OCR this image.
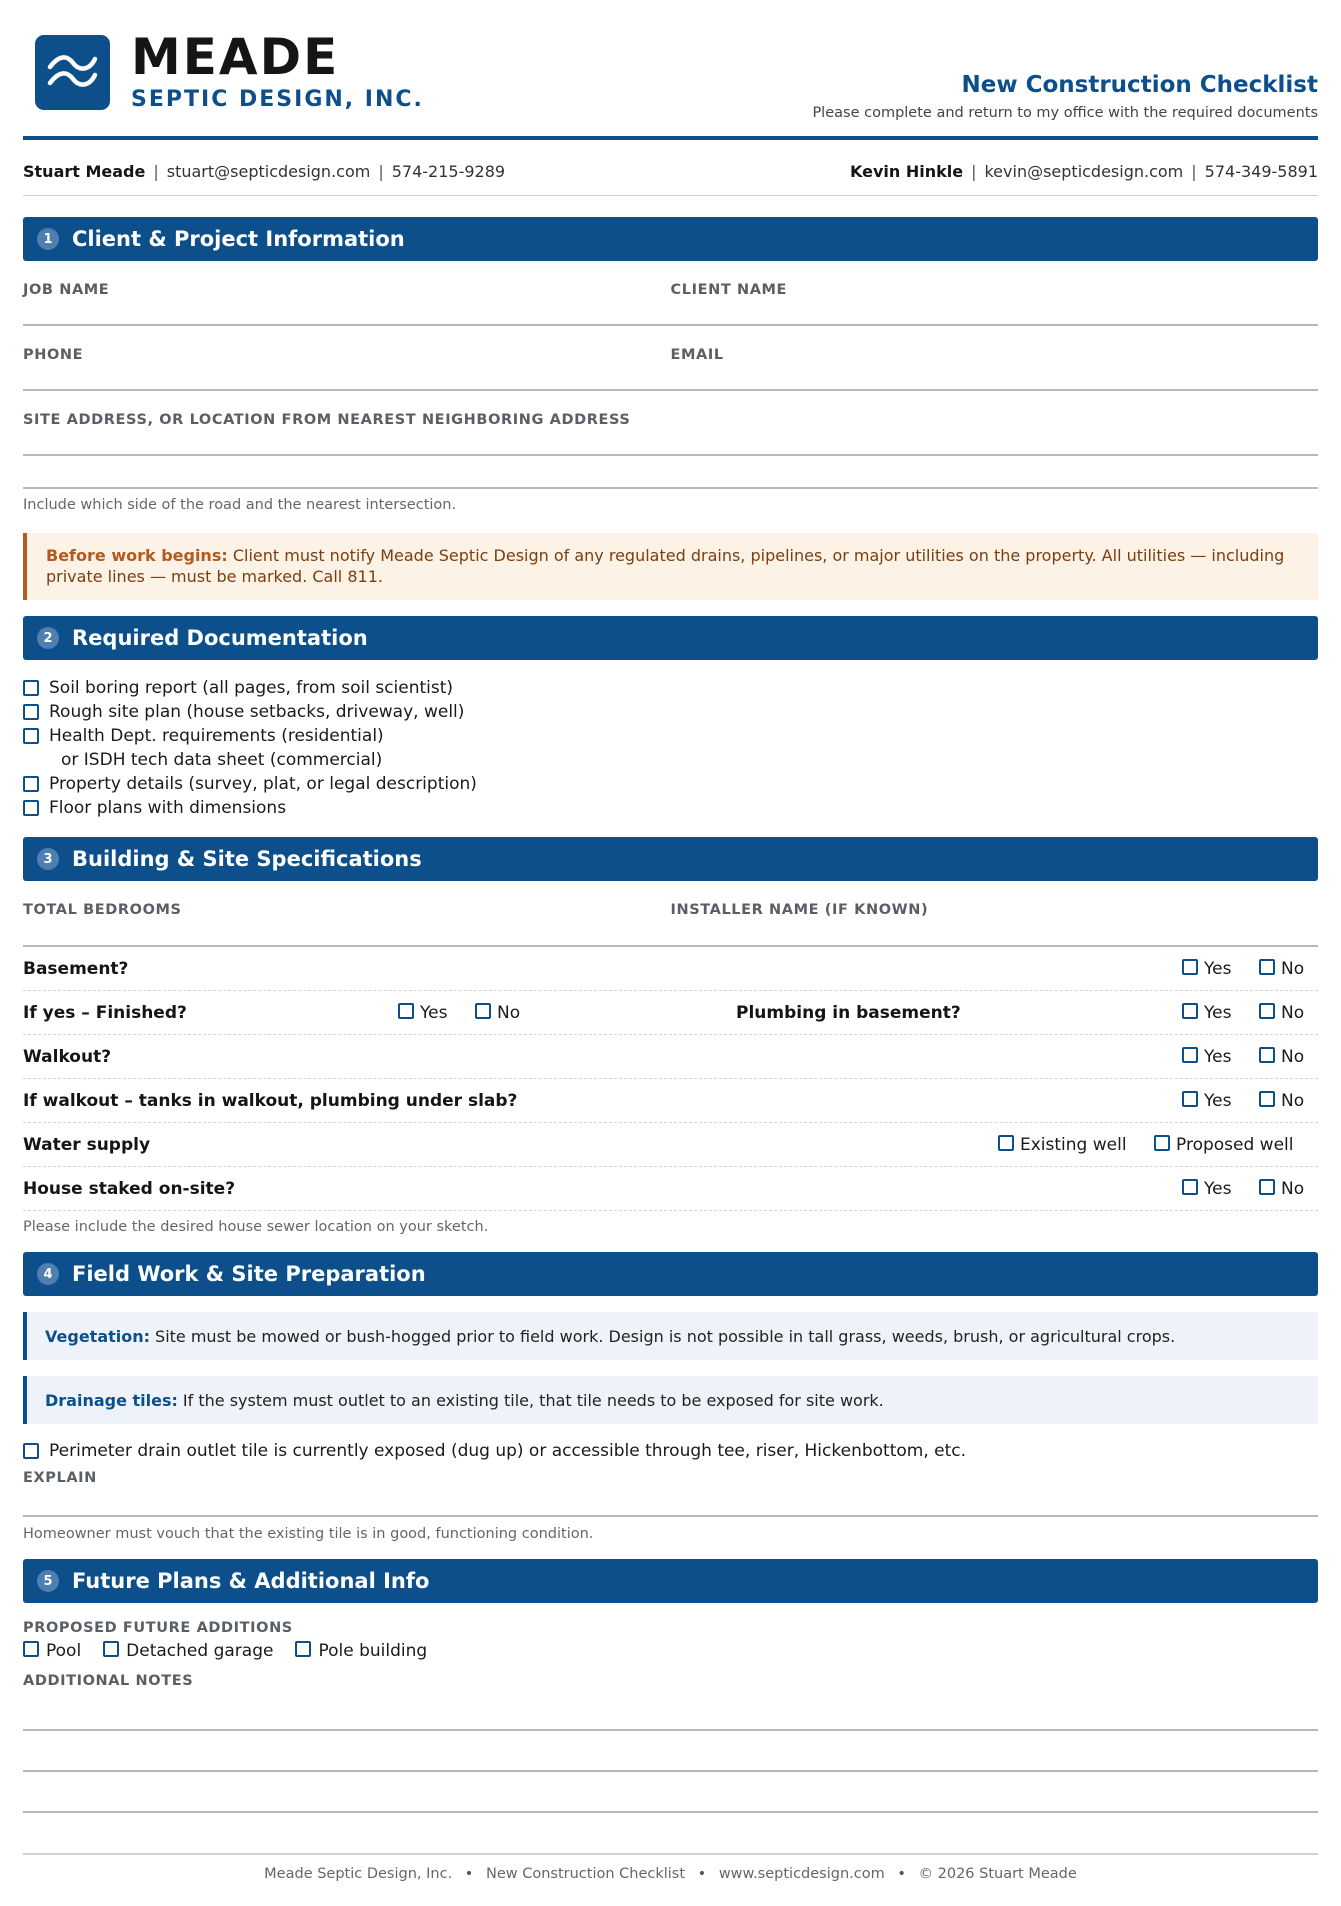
MEADE
SEPTIC DESIGN, INC.
New Construction Checklist
Please complete and return to my office with the required documents
Stuart Meade | stuart@septicdesign.com | 574-215-9289	Kevin Hinkle | kevin@septicdesign.com | 574-349-5891
1 Client & Project Information
JOB NAME	CLIENT NAME
PHONE	EMAIL
SITE ADDRESS, OR LOCATION FROM NEAREST NEIGHBORING ADDRESS
Include which side of the road and the nearest intersection.
Before work begins: Client must notify Meade Septic Design of any regulated drains, pipelines, or major utilities on the property. All utilities — including private lines — must be marked. Call 811.
2 Required Documentation
Soil boring report (all pages, from soil scientist)
Rough site plan (house setbacks, driveway, well)
Health Dept. requirements (residential)
or ISDH tech data sheet (commercial)
Property details (survey, plat, or legal description)
Floor plans with dimensions
3 Building & Site Specifications
TOTAL BEDROOMS	INSTALLER NAME (IF KNOWN)
Basement?	Yes	No
If yes – Finished?	Yes	No	Plumbing in basement?	Yes	No
Walkout?	Yes	No
If walkout – tanks in walkout, plumbing under slab?	Yes	No
Water supply	Existing well	Proposed well
House staked on-site?	Yes	No
Please include the desired house sewer location on your sketch.
4 Field Work & Site Preparation
Vegetation: Site must be mowed or bush-hogged prior to field work. Design is not possible in tall grass, weeds, brush, or agricultural crops.
Drainage tiles: If the system must outlet to an existing tile, that tile needs to be exposed for site work.
Perimeter drain outlet tile is currently exposed (dug up) or accessible through tee, riser, Hickenbottom, etc.
EXPLAIN
Homeowner must vouch that the existing tile is in good, functioning condition.
5 Future Plans & Additional Info
PROPOSED FUTURE ADDITIONS
Pool	Detached garage	Pole building
ADDITIONAL NOTES
Meade Septic Design, Inc. • New Construction Checklist • www.septicdesign.com • © 2026 Stuart Meade
